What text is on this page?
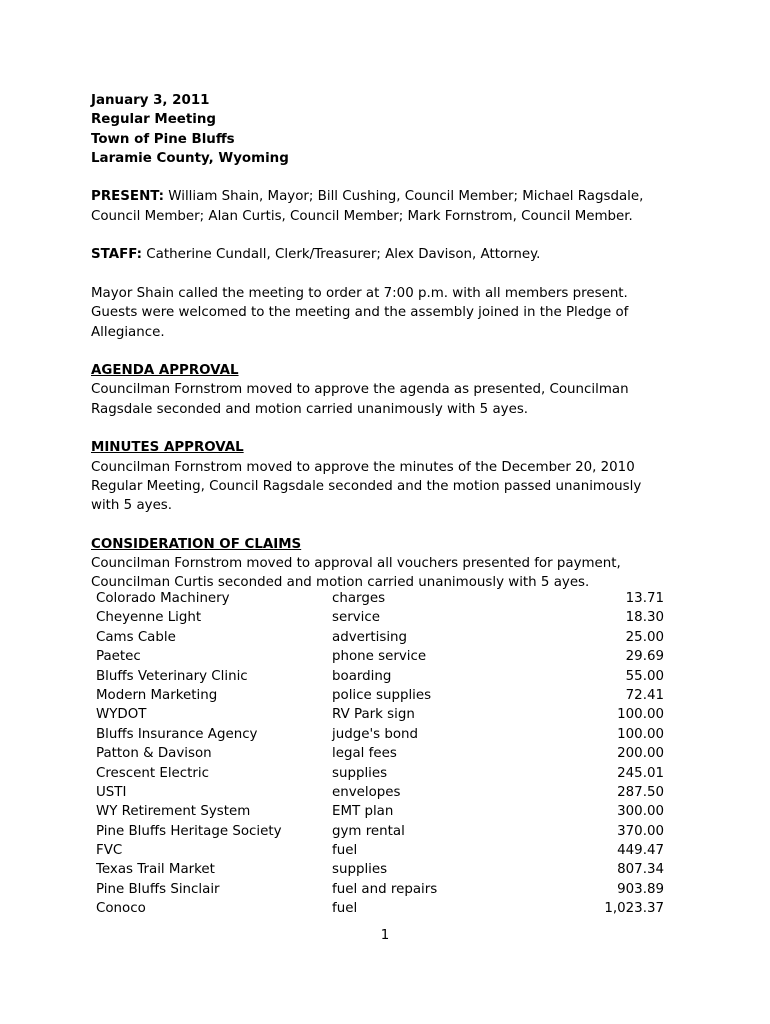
January 3, 2011
Regular Meeting
Town of Pine Bluffs
Laramie County, Wyoming

PRESENT: William Shain, Mayor; Bill Cushing, Council Member; Michael Ragsdale, Council Member; Alan Curtis, Council Member; Mark Fornstrom, Council Member.

STAFF: Catherine Cundall, Clerk/Treasurer; Alex Davison, Attorney.

Mayor Shain called the meeting to order at 7:00 p.m. with all members present. Guests were welcomed to the meeting and the assembly joined in the Pledge of Allegiance.

AGENDA APPROVAL
Councilman Fornstrom moved to approve the agenda as presented, Councilman Ragsdale seconded and motion carried unanimously with 5 ayes.
MINUTES APPROVAL
Councilman Fornstrom moved to approve the minutes of the December 20, 2010 Regular Meeting, Council Ragsdale seconded and the motion passed unanimously with 5 ayes.
CONSIDERATION OF CLAIMS
Councilman Fornstrom moved to approval all vouchers presented for payment, Councilman Curtis seconded and motion carried unanimously with 5 ayes.
Colorado Machinery	charges	13.71
Cheyenne Light	service	18.30
Cams Cable	advertising	25.00
Paetec	phone service	29.69
Bluffs Veterinary Clinic	boarding	55.00
Modern Marketing	police supplies	72.41
WYDOT	RV Park sign	100.00
Bluffs Insurance Agency	judge's bond	100.00
Patton & Davison	legal fees	200.00
Crescent Electric	supplies	245.01
USTI	envelopes	287.50
WY Retirement System	EMT plan	300.00
Pine Bluffs Heritage Society	gym rental	370.00
FVC	fuel	449.47
Texas Trail Market	supplies	807.34
Pine Bluffs Sinclair	fuel and repairs	903.89
Conoco	fuel	1,023.37
1
